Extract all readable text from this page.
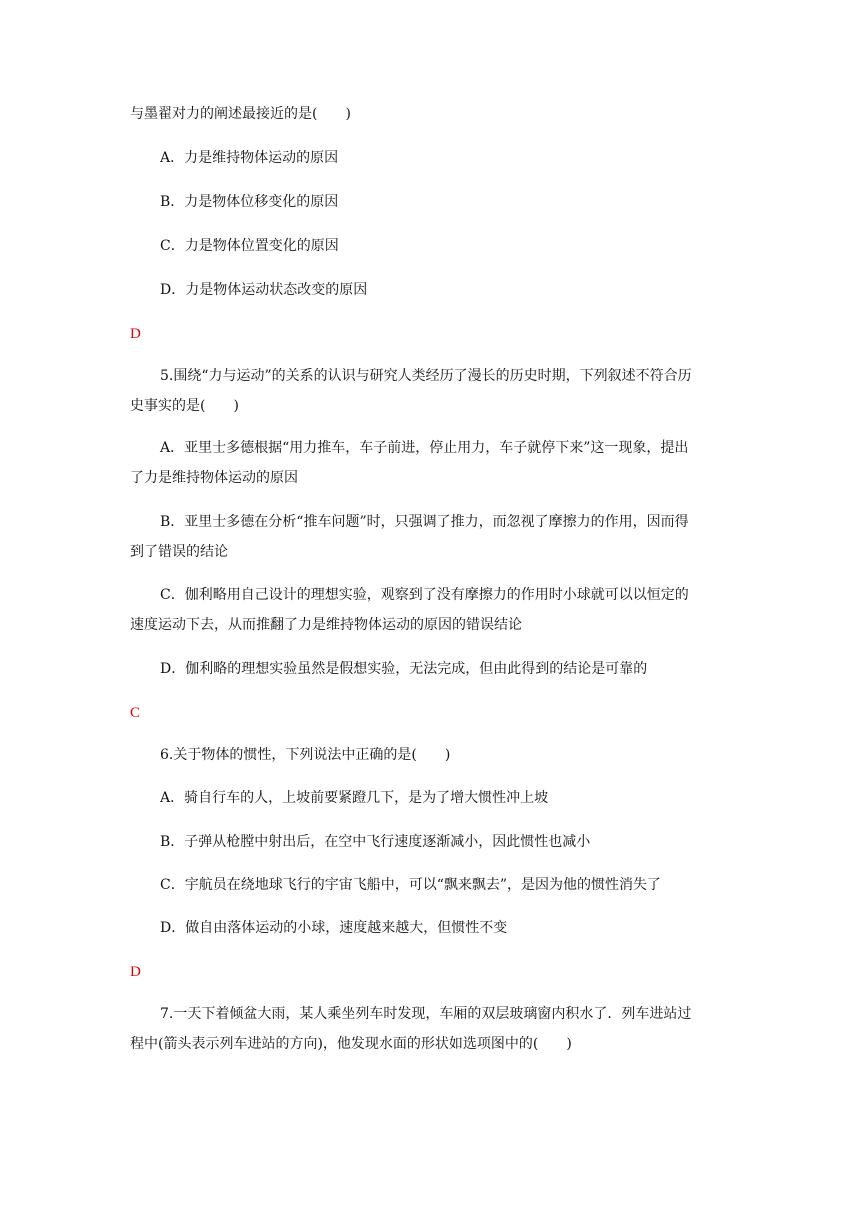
与墨翟对力的阐述最接近的是(　　)
A．力是维持物体运动的原因
B．力是物体位移变化的原因
C．力是物体位置变化的原因
D．力是物体运动状态改变的原因
D
5.围绕“力与运动”的关系的认识与研究人类经历了漫长的历史时期，下列叙述不符合历
史事实的是(　　)
A．亚里士多德根据“用力推车，车子前进，停止用力，车子就停下来”这一现象，提出
了力是维持物体运动的原因
B．亚里士多德在分析“推车问题”时，只强调了推力，而忽视了摩擦力的作用，因而得
到了错误的结论
C．伽利略用自己设计的理想实验，观察到了没有摩擦力的作用时小球就可以以恒定的
速度运动下去，从而推翻了力是维持物体运动的原因的错误结论
D．伽利略的理想实验虽然是假想实验，无法完成，但由此得到的结论是可靠的
C
6.关于物体的惯性，下列说法中正确的是(　　)
A．骑自行车的人，上坡前要紧蹬几下，是为了增大惯性冲上坡
B．子弹从枪膛中射出后，在空中飞行速度逐渐减小，因此惯性也减小
C．宇航员在绕地球飞行的宇宙飞船中，可以“飘来飘去”，是因为他的惯性消失了
D．做自由落体运动的小球，速度越来越大，但惯性不变
D
7.一天下着倾盆大雨，某人乘坐列车时发现，车厢的双层玻璃窗内积水了．列车进站过
程中(箭头表示列车进站的方向)，他发现水面的形状如选项图中的(　　)
